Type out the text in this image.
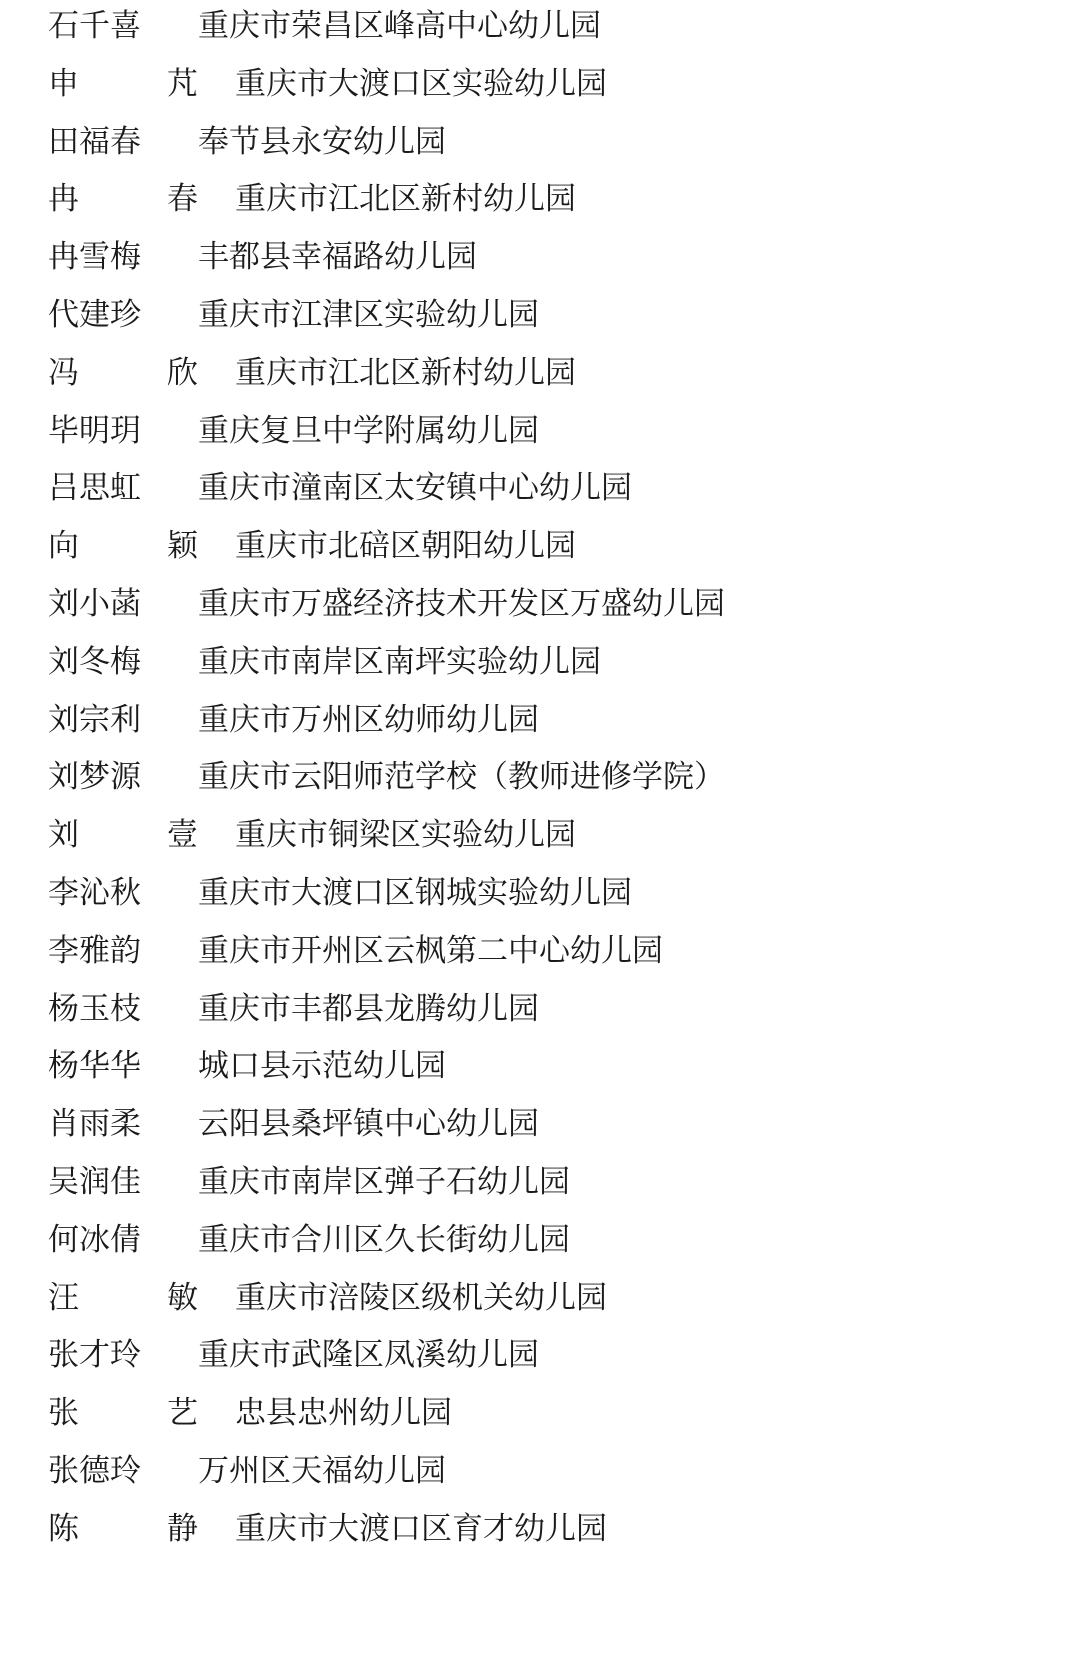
石千喜	重庆市荣昌区峰高中心幼儿园
申	芃 重庆市大渡口区实验幼儿园
田福春	奉节县永安幼儿园
冉	春 重庆市江北区新村幼儿园
冉雪梅	丰都县幸福路幼儿园
代建珍	重庆市江津区实验幼儿园
冯	欣 重庆市江北区新村幼儿园
毕明玥	重庆复旦中学附属幼儿园
吕思虹	重庆市潼南区太安镇中心幼儿园
向	颖 重庆市北碚区朝阳幼儿园
刘小菡	重庆市万盛经济技术开发区万盛幼儿园
刘冬梅	重庆市南岸区南坪实验幼儿园
刘宗利	重庆市万州区幼师幼儿园
刘梦源	重庆市云阳师范学校（教师进修学院）
刘	壹 重庆市铜梁区实验幼儿园
李沁秋	重庆市大渡口区钢城实验幼儿园
李雅韵	重庆市开州区云枫第二中心幼儿园
杨玉枝	重庆市丰都县龙腾幼儿园
杨华华	城口县示范幼儿园
肖雨柔	云阳县桑坪镇中心幼儿园
吴润佳	重庆市南岸区弹子石幼儿园
何冰倩	重庆市合川区久长街幼儿园
汪	敏 重庆市涪陵区级机关幼儿园
张才玲	重庆市武隆区凤溪幼儿园
张	艺 忠县忠州幼儿园
张德玲	万州区天福幼儿园
陈	静 重庆市大渡口区育才幼儿园
